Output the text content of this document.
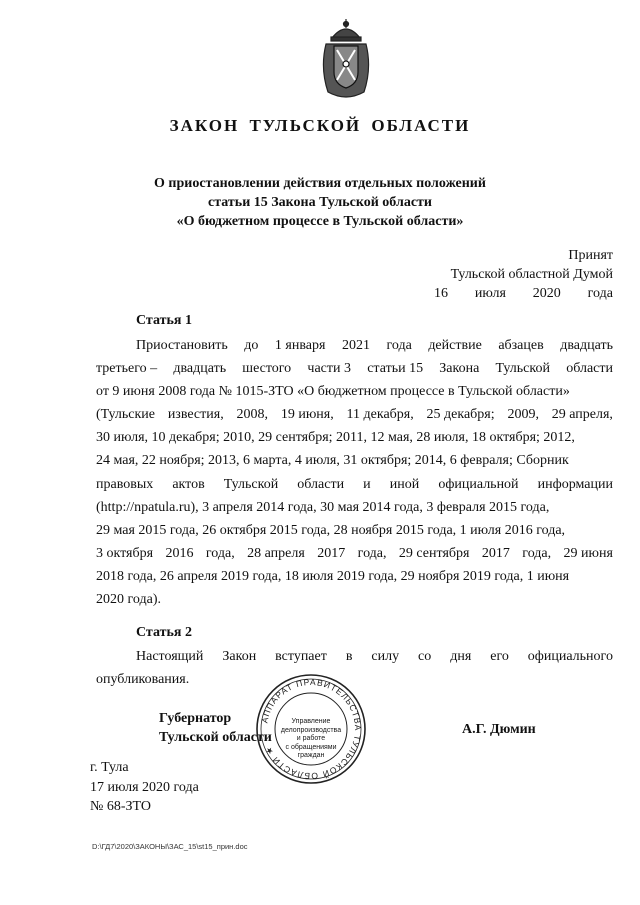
ЗАКОН ТУЛЬСКОЙ ОБЛАСТИ
О приостановлении действия отдельных положений
статьи 15 Закона Тульской области
«О бюджетном процессе в Тульской области»
Принят
Тульской областной Думой
16 июля 2020 года
Статья 1
Приостановить до 1 января 2021 года действие абзацев двадцать
третьего – двадцать шестого части 3 статьи 15 Закона Тульской области
от 9 июня 2008 года № 1015-ЗТО «О бюджетном процессе в Тульской области»
(Тульские известия, 2008, 19 июня, 11 декабря, 25 декабря; 2009, 29 апреля,
30 июля, 10 декабря; 2010, 29 сентября; 2011, 12 мая, 28 июля, 18 октября; 2012,
24 мая, 22 ноября; 2013, 6 марта, 4 июля, 31 октября; 2014, 6 февраля; Сборник
правовых актов Тульской области и иной официальной информации
(http://npatula.ru), 3 апреля 2014 года, 30 мая 2014 года, 3 февраля 2015 года,
29 мая 2015 года, 26 октября 2015 года, 28 ноября 2015 года, 1 июля 2016 года,
3 октября 2016 года, 28 апреля 2017 года, 29 сентября 2017 года, 29 июня
2018 года, 26 апреля 2019 года, 18 июля 2019 года, 29 ноября 2019 года, 1 июня
2020 года).
Статья 2
Настоящий Закон вступает в силу со дня его официального
опубликования.
Губернатор
Тульской области
А.Г. Дюмин
АППАРАТ ПРАВИТЕЛЬСТВА ТУЛЬСКОЙ ОБЛАСТИ ★
Управление
делопроизводства
и работе
с обращениями
граждан
г. Тула
17 июля 2020 года
№ 68-ЗТО
D:\ГД7\2020\ЗАКОНЫ\ЗАС_15\st15_прин.doc
